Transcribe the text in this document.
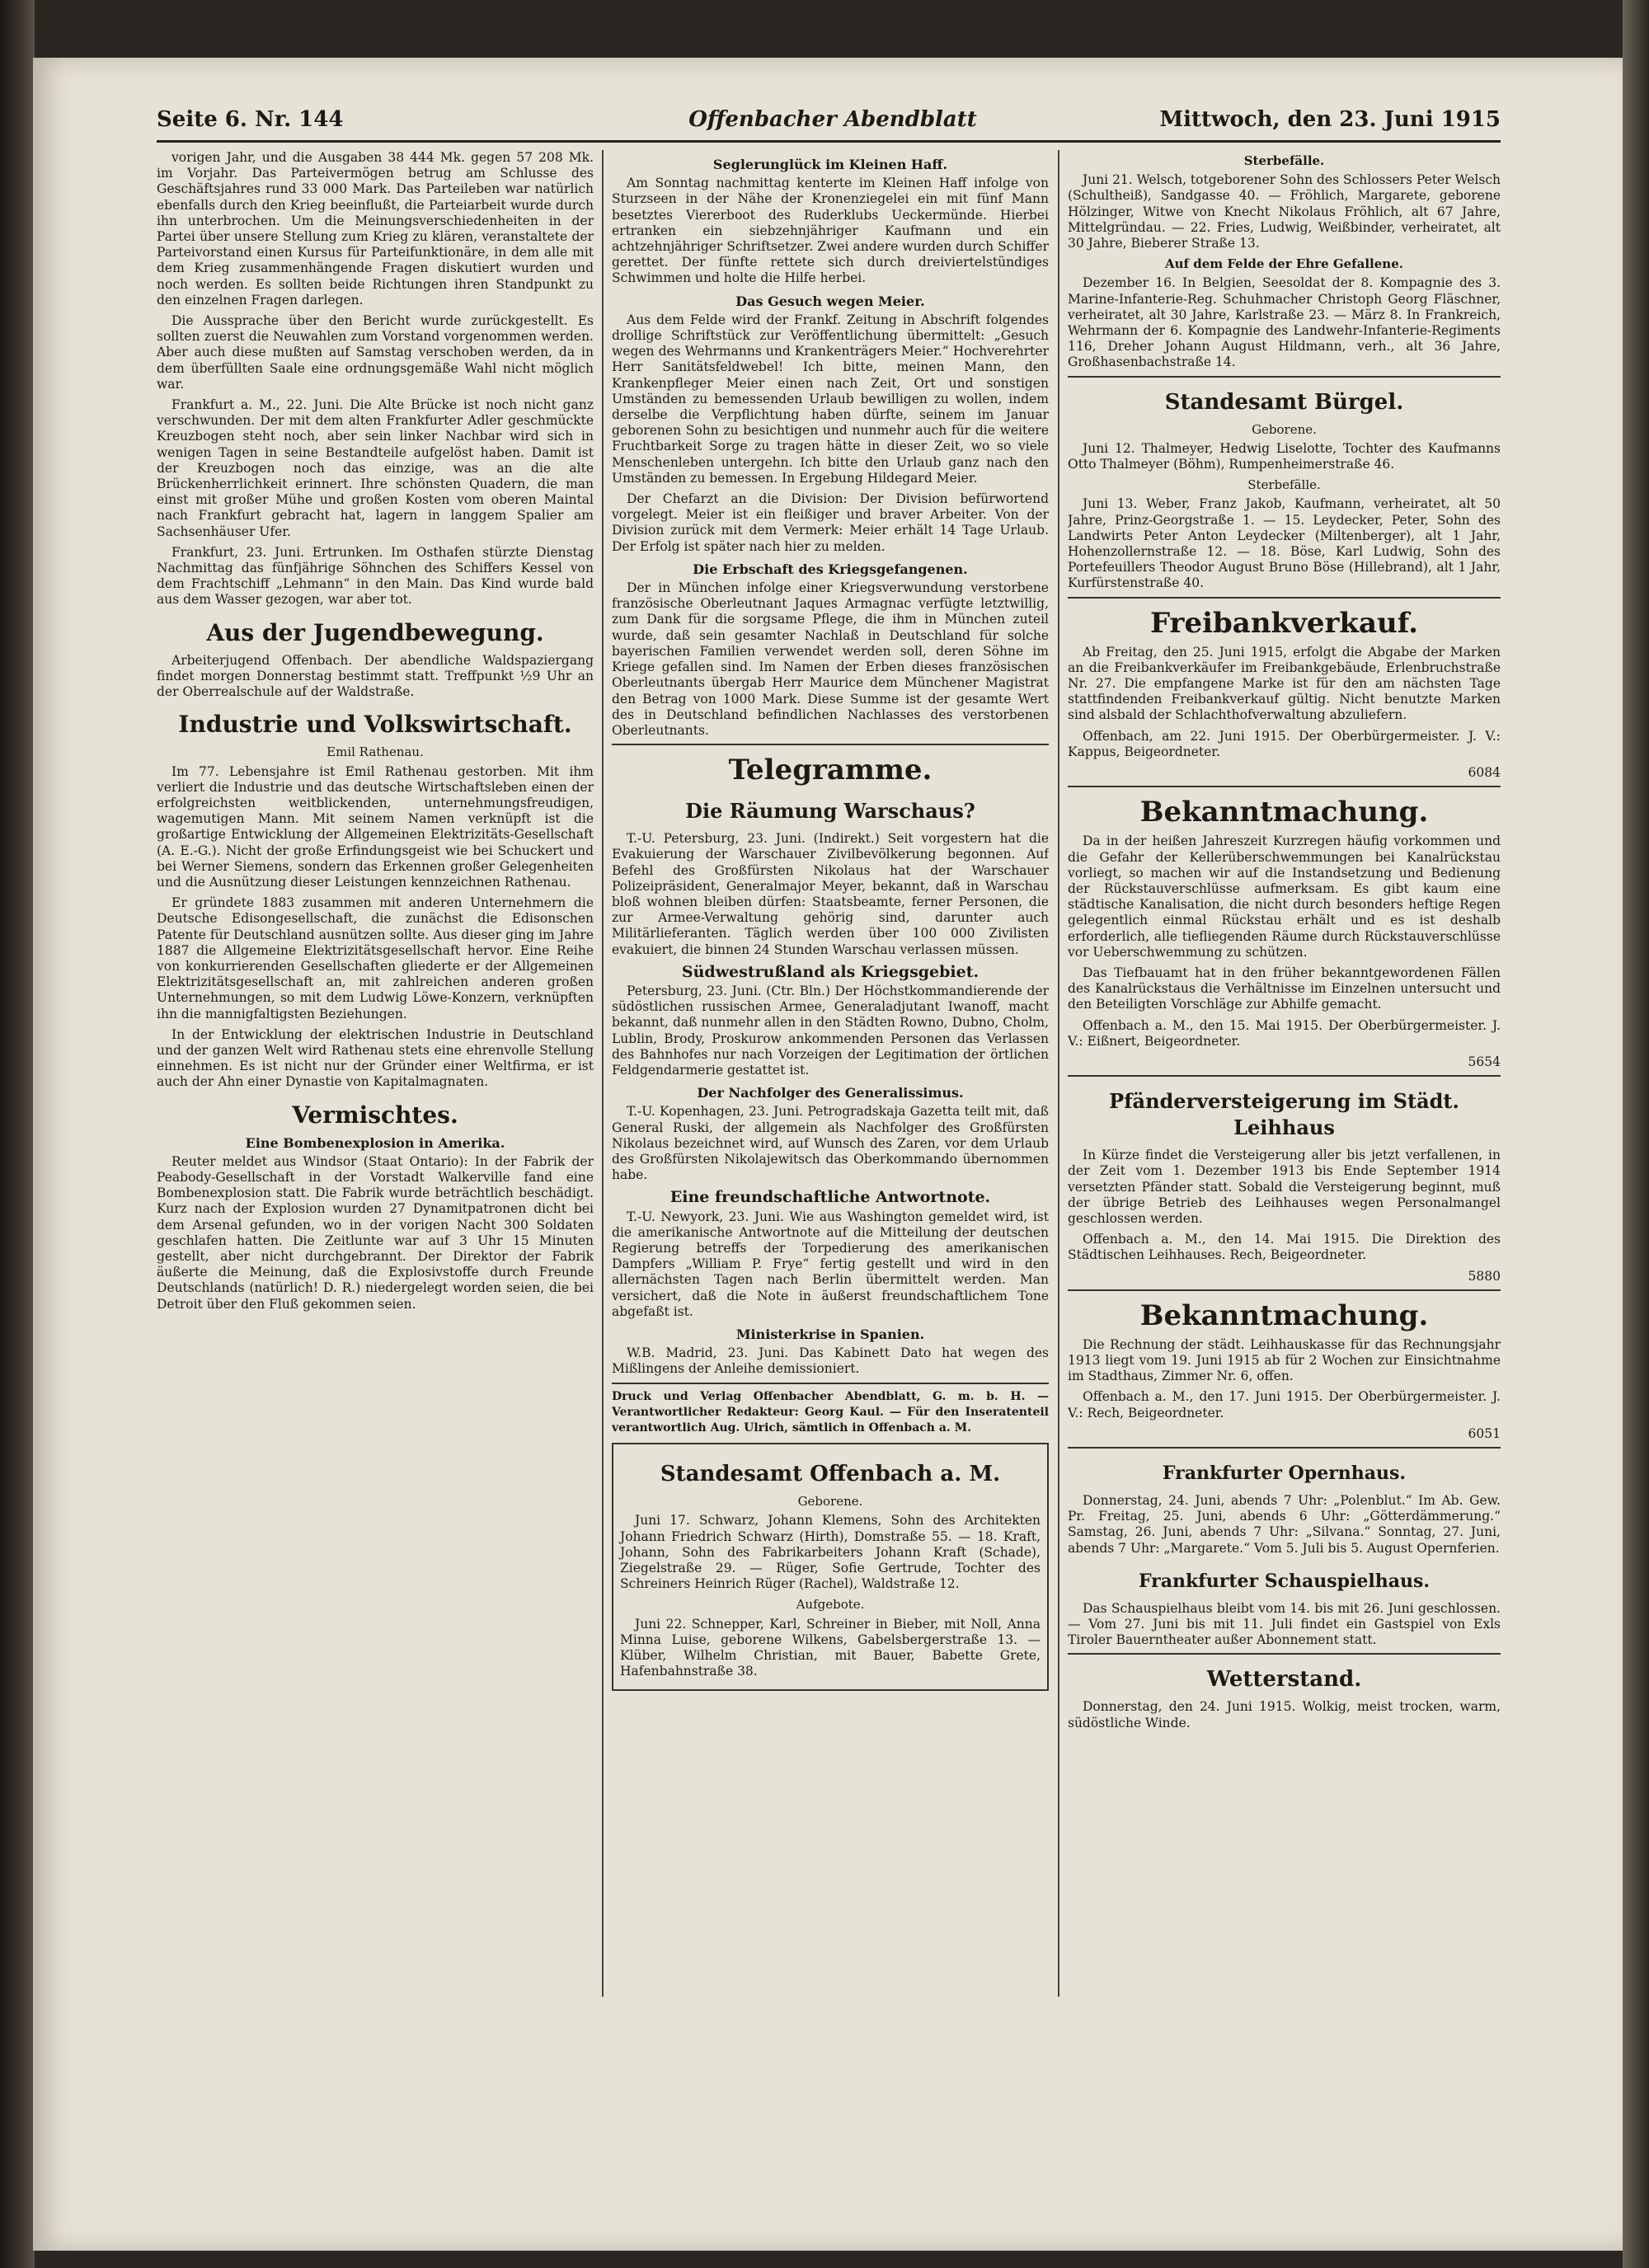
Seite 6. Nr. 144	Offenbacher Abendblatt	Mittwoch, den 23. Juni 1915

vorigen Jahr, und die Ausgaben 38 444 Mk. gegen 57 208 Mk. im Vorjahr. Das Parteivermögen betrug am Schlusse des Geschäftsjahres rund 33 000 Mark. Das Parteileben war natürlich ebenfalls durch den Krieg beeinflußt, die Parteiarbeit wurde durch ihn unterbrochen. Um die Meinungsverschiedenheiten in der Partei über unsere Stellung zum Krieg zu klären, veranstaltete der Parteivorstand einen Kursus für Parteifunktionäre, in dem alle mit dem Krieg zusammenhängende Fragen diskutiert wurden und noch werden. Es sollten beide Richtungen ihren Standpunkt zu den einzelnen Fragen darlegen.

Die Aussprache über den Bericht wurde zurückgestellt. Es sollten zuerst die Neuwahlen zum Vorstand vorgenommen werden. Aber auch diese mußten auf Samstag verschoben werden, da in dem überfüllten Saale eine ordnungsgemäße Wahl nicht möglich war.

Frankfurt a. M., 22. Juni. Die Alte Brücke ist noch nicht ganz verschwunden. Der mit dem alten Frankfurter Adler geschmückte Kreuzbogen steht noch, aber sein linker Nachbar wird sich in wenigen Tagen in seine Bestandteile aufgelöst haben. Damit ist der Kreuzbogen noch das einzige, was an die alte Brückenherrlichkeit erinnert. Ihre schönsten Quadern, die man einst mit großer Mühe und großen Kosten vom oberen Maintal nach Frankfurt gebracht hat, lagern in langgem Spalier am Sachsenhäuser Ufer.

Frankfurt, 23. Juni. Ertrunken. Im Osthafen stürzte Dienstag Nachmittag das fünfjährige Söhnchen des Schiffers Kessel von dem Frachtschiff „Lehmann“ in den Main. Das Kind wurde bald aus dem Wasser gezogen, war aber tot.

Aus der Jugendbewegung.

Arbeiterjugend Offenbach. Der abendliche Waldspaziergang findet morgen Donnerstag bestimmt statt. Treffpunkt ½9 Uhr an der Oberrealschule auf der Waldstraße.

Industrie und Volkswirtschaft.
Emil Rathenau.

Im 77. Lebensjahre ist Emil Rathenau gestorben. Mit ihm verliert die Industrie und das deutsche Wirtschaftsleben einen der erfolgreichsten weitblickenden, unternehmungsfreudigen, wagemutigen Mann. Mit seinem Namen verknüpft ist die großartige Entwicklung der Allgemeinen Elektrizitäts-Gesellschaft (A. E.-G.). Nicht der große Erfindungsgeist wie bei Schuckert und bei Werner Siemens, sondern das Erkennen großer Gelegenheiten und die Ausnützung dieser Leistungen kennzeichnen Rathenau.

Er gründete 1883 zusammen mit anderen Unternehmern die Deutsche Edisongesellschaft, die zunächst die Edisonschen Patente für Deutschland ausnützen sollte. Aus dieser ging im Jahre 1887 die Allgemeine Elektrizitätsgesellschaft hervor. Eine Reihe von konkurrierenden Gesellschaften gliederte er der Allgemeinen Elektrizitätsgesellschaft an, mit zahlreichen anderen großen Unternehmungen, so mit dem Ludwig Löwe-Konzern, verknüpften ihn die mannigfaltigsten Beziehungen.

In der Entwicklung der elektrischen Industrie in Deutschland und der ganzen Welt wird Rathenau stets eine ehrenvolle Stellung einnehmen. Es ist nicht nur der Gründer einer Weltfirma, er ist auch der Ahn einer Dynastie von Kapitalmagnaten.

Vermischtes.
Eine Bombenexplosion in Amerika.

Reuter meldet aus Windsor (Staat Ontario): In der Fabrik der Peabody-Gesellschaft in der Vorstadt Walkerville fand eine Bombenexplosion statt. Die Fabrik wurde beträchtlich beschädigt. Kurz nach der Explosion wurden 27 Dynamitpatronen dicht bei dem Arsenal gefunden, wo in der vorigen Nacht 300 Soldaten geschlafen hatten. Die Zeitlunte war auf 3 Uhr 15 Minuten gestellt, aber nicht durchgebrannt. Der Direktor der Fabrik äußerte die Meinung, daß die Explosivstoffe durch Freunde Deutschlands (natürlich! D. R.) niedergelegt worden seien, die bei Detroit über den Fluß gekommen seien.

Seglerunglück im Kleinen Haff.

Am Sonntag nachmittag kenterte im Kleinen Haff infolge von Sturzseen in der Nähe der Kronenziegelei ein mit fünf Mann besetztes Viererboot des Ruderklubs Ueckermünde. Hierbei ertranken ein siebzehnjähriger Kaufmann und ein achtzehnjähriger Schriftsetzer. Zwei andere wurden durch Schiffer gerettet. Der fünfte rettete sich durch dreiviertelstündiges Schwimmen und holte die Hilfe herbei.

Das Gesuch wegen Meier.

Aus dem Felde wird der Frankf. Zeitung in Abschrift folgendes drollige Schriftstück zur Veröffentlichung übermittelt: „Gesuch wegen des Wehrmanns und Krankenträgers Meier.“ Hochverehrter Herr Sanitätsfeldwebel! Ich bitte, meinen Mann, den Krankenpfleger Meier einen nach Zeit, Ort und sonstigen Umständen zu bemessenden Urlaub bewilligen zu wollen, indem derselbe die Verpflichtung haben dürfte, seinem im Januar geborenen Sohn zu besichtigen und nunmehr auch für die weitere Fruchtbarkeit Sorge zu tragen hätte in dieser Zeit, wo so viele Menschenleben untergehn. Ich bitte den Urlaub ganz nach den Umständen zu bemessen. In Ergebung Hildegard Meier.

Der Chefarzt an die Division: Der Division befürwortend vorgelegt. Meier ist ein fleißiger und braver Arbeiter. Von der Division zurück mit dem Vermerk: Meier erhält 14 Tage Urlaub. Der Erfolg ist später nach hier zu melden.

Die Erbschaft des Kriegsgefangenen.

Der in München infolge einer Kriegsverwundung verstorbene französische Oberleutnant Jaques Armagnac verfügte letztwillig, zum Dank für die sorgsame Pflege, die ihm in München zuteil wurde, daß sein gesamter Nachlaß in Deutschland für solche bayerischen Familien verwendet werden soll, deren Söhne im Kriege gefallen sind. Im Namen der Erben dieses französischen Oberleutnants übergab Herr Maurice dem Münchener Magistrat den Betrag von 1000 Mark. Diese Summe ist der gesamte Wert des in Deutschland befindlichen Nachlasses des verstorbenen Oberleutnants.

Telegramme.
Die Räumung Warschaus?

T.-U. Petersburg, 23. Juni. (Indirekt.) Seit vorgestern hat die Evakuierung der Warschauer Zivilbevölkerung begonnen. Auf Befehl des Großfürsten Nikolaus hat der Warschauer Polizeipräsident, Generalmajor Meyer, bekannt, daß in Warschau bloß wohnen bleiben dürfen: Staatsbeamte, ferner Personen, die zur Armee-Verwaltung gehörig sind, darunter auch Militärlieferanten. Täglich werden über 100 000 Zivilisten evakuiert, die binnen 24 Stunden Warschau verlassen müssen.

Südwestrußland als Kriegsgebiet.

Petersburg, 23. Juni. (Ctr. Bln.) Der Höchstkommandierende der südöstlichen russischen Armee, Generaladjutant Iwanoff, macht bekannt, daß nunmehr allen in den Städten Rowno, Dubno, Cholm, Lublin, Brody, Proskurow ankommenden Personen das Verlassen des Bahnhofes nur nach Vorzeigen der Legitimation der örtlichen Feldgendarmerie gestattet ist.

Der Nachfolger des Generalissimus.

T.-U. Kopenhagen, 23. Juni. Petrogradskaja Gazetta teilt mit, daß General Ruski, der allgemein als Nachfolger des Großfürsten Nikolaus bezeichnet wird, auf Wunsch des Zaren, vor dem Urlaub des Großfürsten Nikolajewitsch das Oberkommando übernommen habe.

Eine freundschaftliche Antwortnote.

T.-U. Newyork, 23. Juni. Wie aus Washington gemeldet wird, ist die amerikanische Antwortnote auf die Mitteilung der deutschen Regierung betreffs der Torpedierung des amerikanischen Dampfers „William P. Frye“ fertig gestellt und wird in den allernächsten Tagen nach Berlin übermittelt werden. Man versichert, daß die Note in äußerst freundschaftlichem Tone abgefaßt ist.

Ministerkrise in Spanien.

W.B. Madrid, 23. Juni. Das Kabinett Dato hat wegen des Mißlingens der Anleihe demissioniert.

Druck und Verlag Offenbacher Abendblatt, G. m. b. H. — Verantwortlicher Redakteur: Georg Kaul. — Für den Inseratenteil verantwortlich Aug. Ulrich, sämtlich in Offenbach a. M.

Standesamt Offenbach a. M.
Geborene.

Juni 17. Schwarz, Johann Klemens, Sohn des Architekten Johann Friedrich Schwarz (Hirth), Domstraße 55. — 18. Kraft, Johann, Sohn des Fabrikarbeiters Johann Kraft (Schade), Ziegelstraße 29. — Rüger, Sofie Gertrude, Tochter des Schreiners Heinrich Rüger (Rachel), Waldstraße 12.

Aufgebote.

Juni 22. Schnepper, Karl, Schreiner in Bieber, mit Noll, Anna Minna Luise, geborene Wilkens, Gabelsbergerstraße 13. — Klüber, Wilhelm Christian, mit Bauer, Babette Grete, Hafenbahnstraße 38.

Sterbefälle.

Juni 21. Welsch, totgeborener Sohn des Schlossers Peter Welsch (Schultheiß), Sandgasse 40. — Fröhlich, Margarete, geborene Hölzinger, Witwe von Knecht Nikolaus Fröhlich, alt 67 Jahre, Mittelgründau. — 22. Fries, Ludwig, Weißbinder, verheiratet, alt 30 Jahre, Bieberer Straße 13.

Auf dem Felde der Ehre Gefallene.

Dezember 16. In Belgien, Seesoldat der 8. Kompagnie des 3. Marine-Infanterie-Reg. Schuhmacher Christoph Georg Fläschner, verheiratet, alt 30 Jahre, Karlstraße 23. — März 8. In Frankreich, Wehrmann der 6. Kompagnie des Landwehr-Infanterie-Regiments 116, Dreher Johann August Hildmann, verh., alt 36 Jahre, Großhasenbachstraße 14.

Standesamt Bürgel.
Geborene.

Juni 12. Thalmeyer, Hedwig Liselotte, Tochter des Kaufmanns Otto Thalmeyer (Böhm), Rumpenheimerstraße 46.

Sterbefälle.

Juni 13. Weber, Franz Jakob, Kaufmann, verheiratet, alt 50 Jahre, Prinz-Georgstraße 1. — 15. Leydecker, Peter, Sohn des Landwirts Peter Anton Leydecker (Miltenberger), alt 1 Jahr, Hohenzollernstraße 12. — 18. Böse, Karl Ludwig, Sohn des Portefeuillers Theodor August Bruno Böse (Hillebrand), alt 1 Jahr, Kurfürstenstraße 40.

Freibankverkauf.

Ab Freitag, den 25. Juni 1915, erfolgt die Abgabe der Marken an die Freibankverkäufer im Freibankgebäude, Erlenbruchstraße Nr. 27. Die empfangene Marke ist für den am nächsten Tage stattfindenden Freibankverkauf gültig. Nicht benutzte Marken sind alsbald der Schlachthofverwaltung abzuliefern.

Offenbach, am 22. Juni 1915. Der Oberbürgermeister. J. V.: Kappus, Beigeordneter.

6084
Bekanntmachung.

Da in der heißen Jahreszeit Kurzregen häufig vorkommen und die Gefahr der Kellerüberschwemmungen bei Kanalrückstau vorliegt, so machen wir auf die Instandsetzung und Bedienung der Rückstauverschlüsse aufmerksam. Es gibt kaum eine städtische Kanalisation, die nicht durch besonders heftige Regen gelegentlich einmal Rückstau erhält und es ist deshalb erforderlich, alle tiefliegenden Räume durch Rückstauverschlüsse vor Ueberschwemmung zu schützen.

Das Tiefbauamt hat in den früher bekanntgewordenen Fällen des Kanalrückstaus die Verhältnisse im Einzelnen untersucht und den Beteiligten Vorschläge zur Abhilfe gemacht.

Offenbach a. M., den 15. Mai 1915. Der Oberbürgermeister. J. V.: Eißnert, Beigeordneter.

5654
Pfänderversteigerung im Städt. Leihhaus

In Kürze findet die Versteigerung aller bis jetzt verfallenen, in der Zeit vom 1. Dezember 1913 bis Ende September 1914 versetzten Pfänder statt. Sobald die Versteigerung beginnt, muß der übrige Betrieb des Leihhauses wegen Personalmangel geschlossen werden.

Offenbach a. M., den 14. Mai 1915. Die Direktion des Städtischen Leihhauses. Rech, Beigeordneter.

5880
Bekanntmachung.

Die Rechnung der städt. Leihhauskasse für das Rechnungsjahr 1913 liegt vom 19. Juni 1915 ab für 2 Wochen zur Einsichtnahme im Stadthaus, Zimmer Nr. 6, offen.

Offenbach a. M., den 17. Juni 1915. Der Oberbürgermeister. J. V.: Rech, Beigeordneter.

6051
Frankfurter Opernhaus.

Donnerstag, 24. Juni, abends 7 Uhr: „Polenblut.“ Im Ab. Gew. Pr. Freitag, 25. Juni, abends 6 Uhr: „Götterdämmerung.“ Samstag, 26. Juni, abends 7 Uhr: „Silvana.“ Sonntag, 27. Juni, abends 7 Uhr: „Margarete.“ Vom 5. Juli bis 5. August Opernferien.

Frankfurter Schauspielhaus.

Das Schauspielhaus bleibt vom 14. bis mit 26. Juni geschlossen. — Vom 27. Juni bis mit 11. Juli findet ein Gastspiel von Exls Tiroler Bauerntheater außer Abonnement statt.

Wetterstand.

Donnerstag, den 24. Juni 1915. Wolkig, meist trocken, warm, südöstliche Winde.
